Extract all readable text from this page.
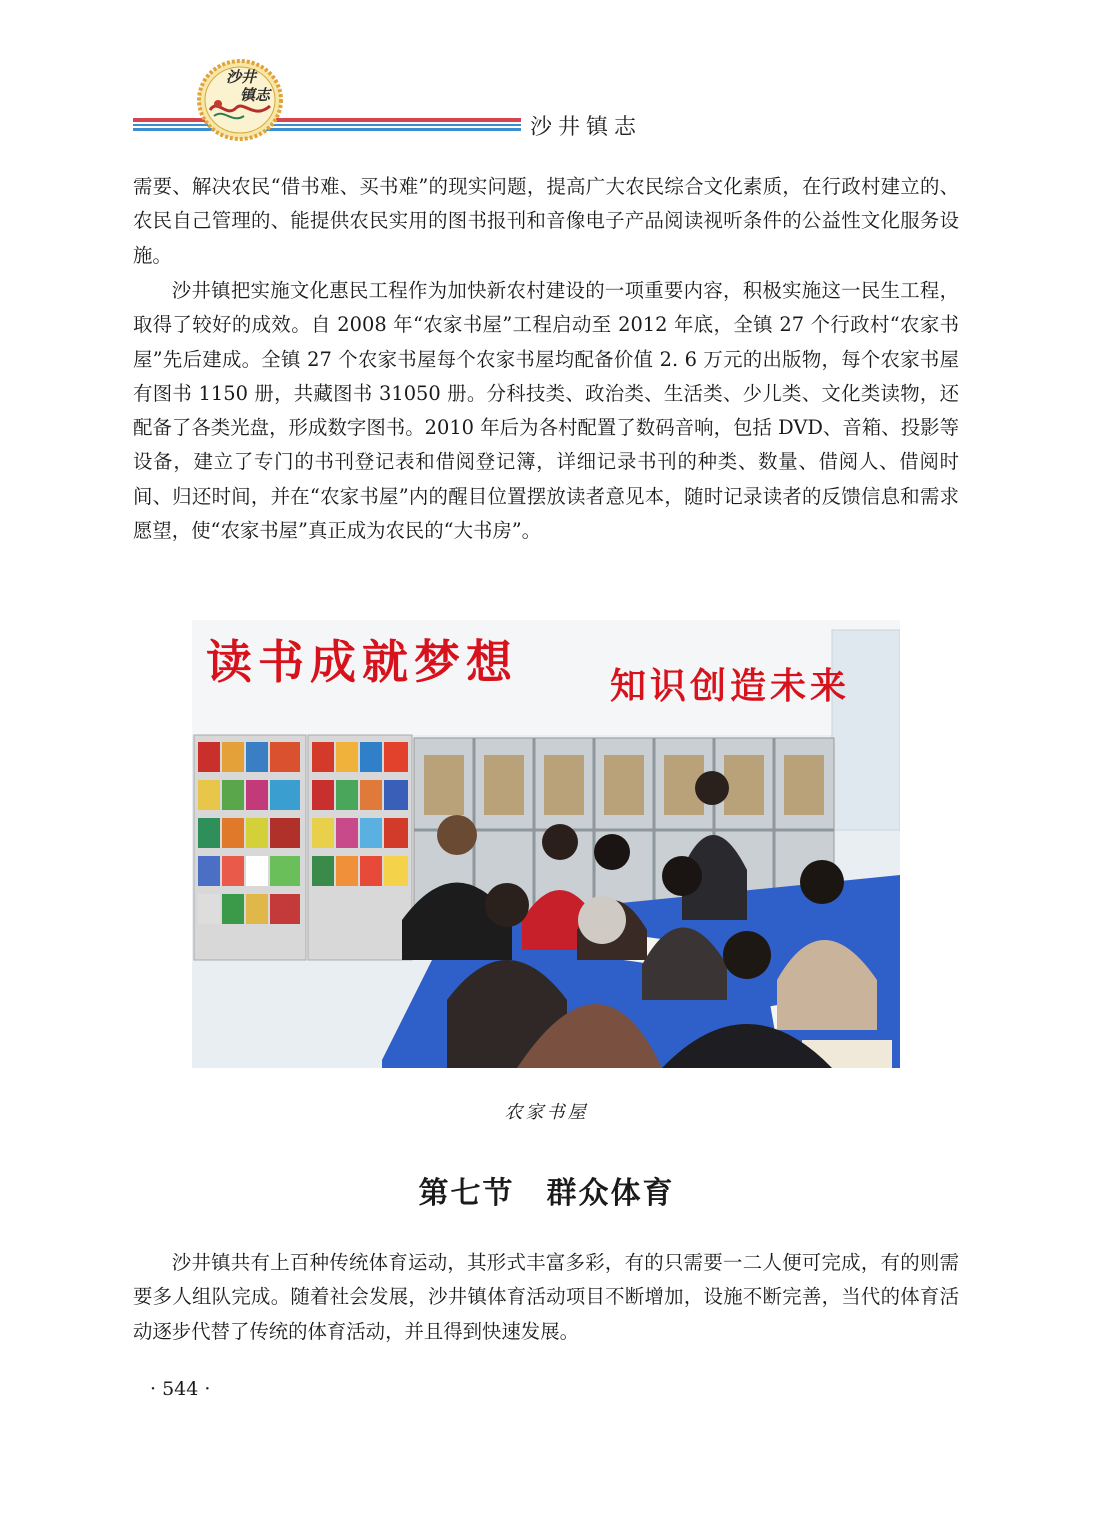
沙井
镇志
沙井镇志

需要、解决农民“借书难、买书难”的现实问题，提高广大农民综合文化素质，在行政村建立的、农民自己管理的、能提供农民实用的图书报刊和音像电子产品阅读视听条件的公益性文化服务设施。

沙井镇把实施文化惠民工程作为加快新农村建设的一项重要内容，积极实施这一民生工程，取得了较好的成效。自 2008 年“农家书屋”工程启动至 2012 年底，全镇 27 个行政村“农家书屋”先后建成。全镇 27 个农家书屋每个农家书屋均配备价值 2. 6 万元的出版物，每个农家书屋有图书 1150 册，共藏图书 31050 册。分科技类、政治类、生活类、少儿类、文化类读物，还配备了各类光盘，形成数字图书。2010 年后为各村配置了数码音响，包括 DVD、音箱、投影等设备，建立了专门的书刊登记表和借阅登记簿，详细记录书刊的种类、数量、借阅人、借阅时间、归还时间，并在“农家书屋”内的醒目位置摆放读者意见本，随时记录读者的反馈信息和需求愿望，使“农家书屋”真正成为农民的“大书房”。

读书成就梦想	知识创造未来
农家书屋
第七节　群众体育

沙井镇共有上百种传统体育运动，其形式丰富多彩，有的只需要一二人便可完成，有的则需要多人组队完成。随着社会发展，沙井镇体育活动项目不断增加，设施不断完善，当代的体育活动逐步代替了传统的体育活动，并且得到快速发展。

· 544 ·
